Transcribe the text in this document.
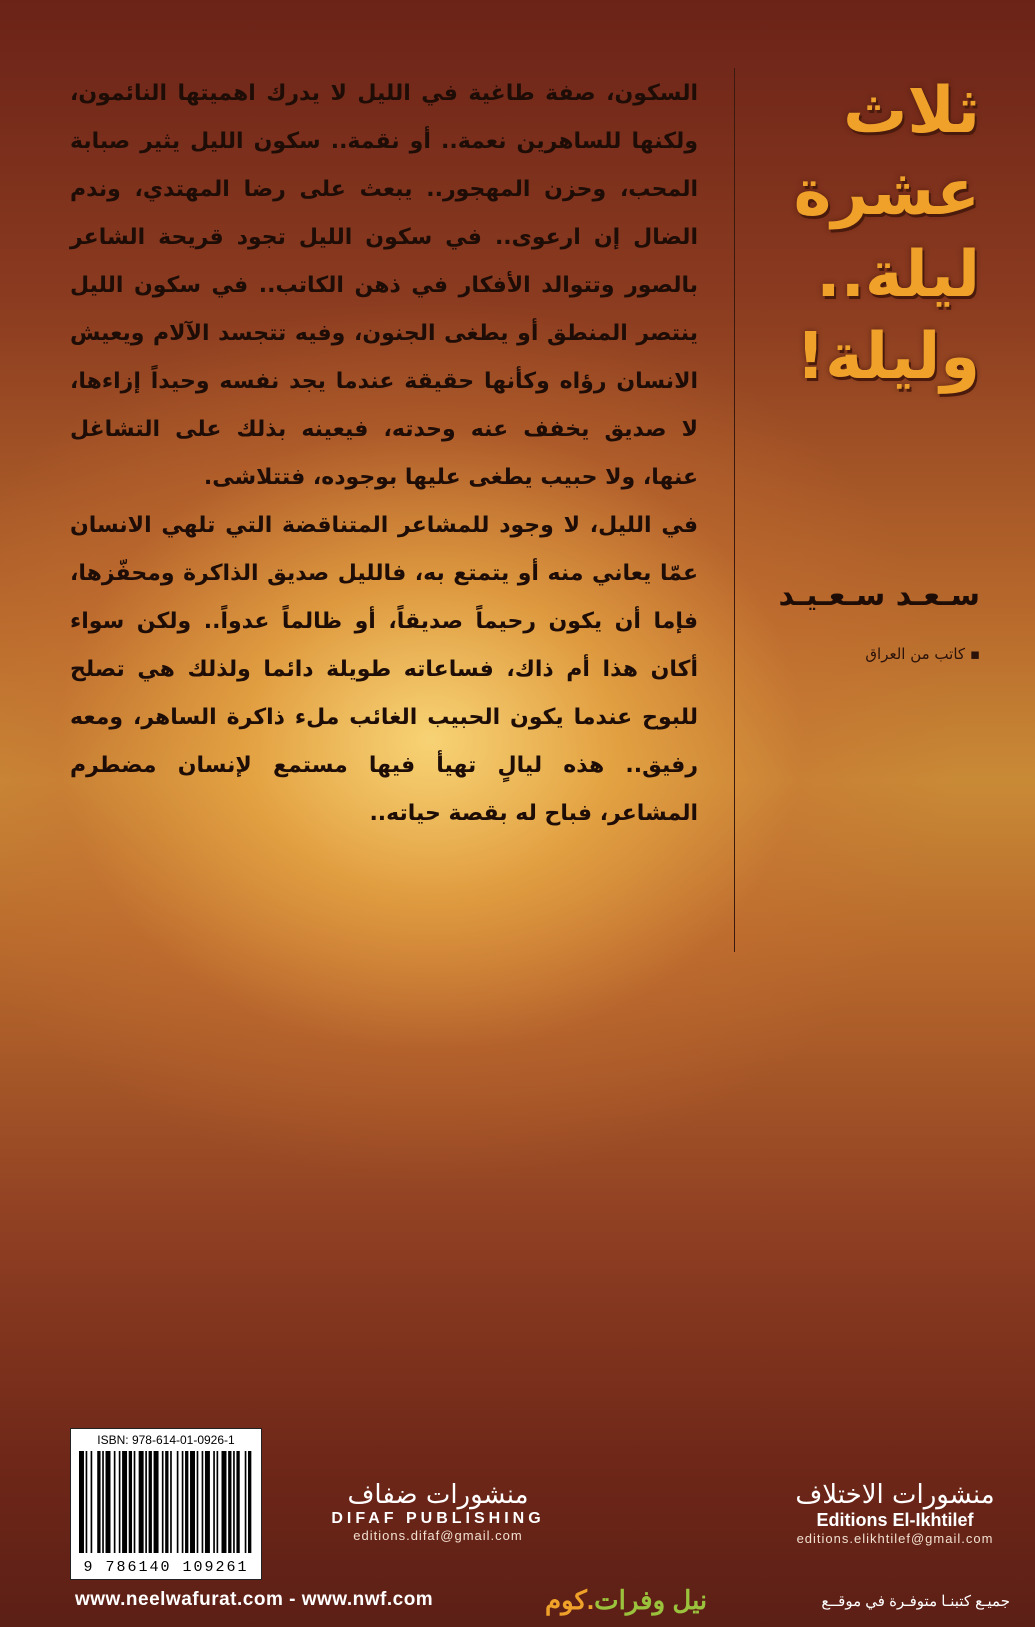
السكون، صفة طاغية في الليل لا يدرك اهميتها النائمون، ولكنها للساهرين نعمة.. أو نقمة.. سكون الليل يثير صبابة المحب، وحزن المهجور.. يبعث على رضا المهتدي، وندم الضال إن ارعوى.. في سكون الليل تجود قريحة الشاعر بالصور وتتوالد الأفكار في ذهن الكاتب.. في سكون الليل ينتصر المنطق أو يطغى الجنون، وفيه تتجسد الآلام ويعيش الانسان رؤاه وكأنها حقيقة عندما يجد نفسه وحيداً إزاءها، لا صديق يخفف عنه وحدته، فيعينه بذلك على التشاغل عنها، ولا حبيب يطغى عليها بوجوده، فتتلاشى.

في الليل، لا وجود للمشاعر المتناقضة التي تلهي الانسان عمّا يعاني منه أو يتمتع به، فالليل صديق الذاكرة ومحفّزها، فإما أن يكون رحيماً صديقاً، أو ظالماً عدواً.. ولكن سواء أكان هذا أم ذاك، فساعاته طويلة دائما ولذلك هي تصلح للبوح عندما يكون الحبيب الغائب ملء ذاكرة الساهر، ومعه رفيق.. هذه ليالٍ تهيأ فيها مستمع لإنسان مضطرم المشاعر، فباح له بقصة حياته..

ثلاث
عشرة
ليلة..
وليلة!
سـعـد سـعـيـد
▪ كاتب من العراق
ISBN: 978-614-01-0926-1
9 786140 109261
منشورات ضفاف
DIFAF PUBLISHING
editions.difaf@gmail.com
منشورات الاختلاف
Editions El-Ikhtilef
editions.elikhtilef@gmail.com
www.neelwafurat.com - www.nwf.com	نيل وفرات.كوم	جميـع كتبنـا متوفـرة في موقــع
